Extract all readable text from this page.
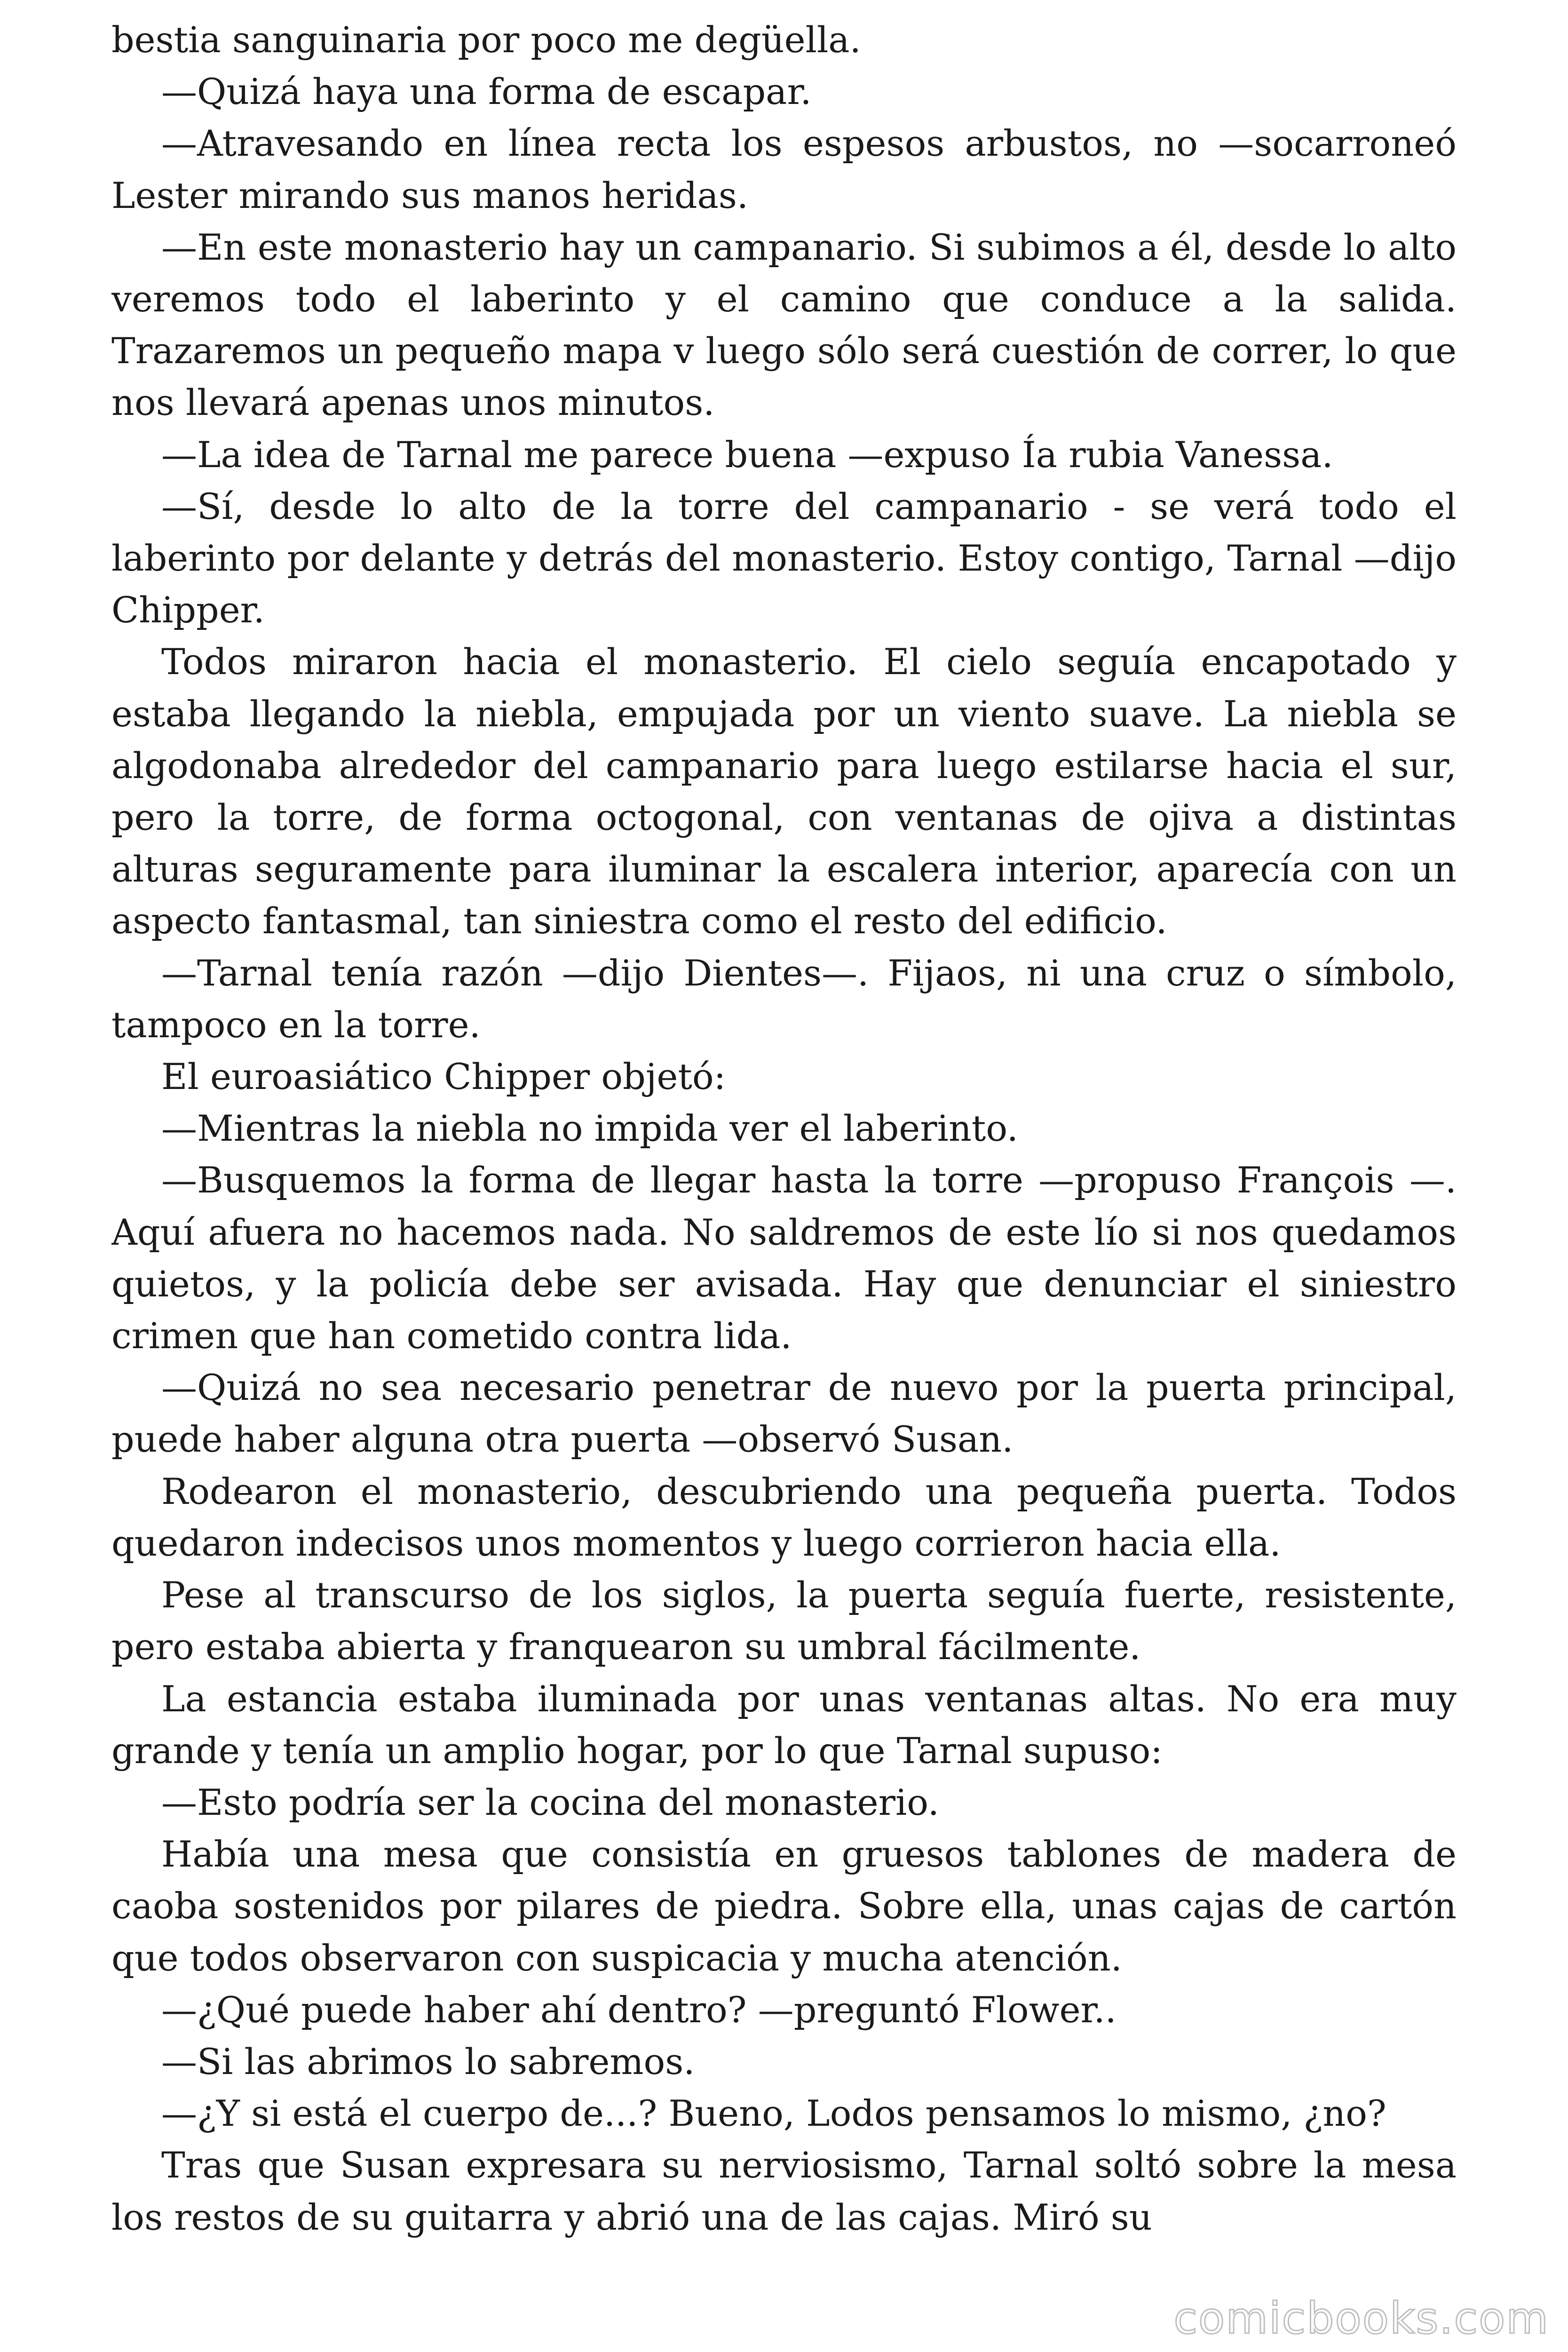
bestia sanguinaria por poco me degüella.

—Quizá haya una forma de escapar.

—Atravesando en línea recta los espesos arbustos, no —socarroneó Lester mirando sus manos heridas.

—En este monasterio hay un campanario. Si subimos a él, desde lo alto veremos todo el laberinto y el camino que conduce a la salida. Trazaremos un pequeño mapa v luego sólo será cuestión de correr, lo que nos llevará apenas unos minutos.

—La idea de Tarnal me parece buena —expuso Ía rubia Vanessa.

—Sí, desde lo alto de la torre del campanario - se verá todo el laberinto por delante y detrás del monasterio. Estoy contigo, Tarnal —dijo Chipper.

Todos miraron hacia el monasterio. El cielo seguía encapotado y estaba llegando la niebla, empujada por un viento suave. La niebla se algodonaba alrededor del campanario para luego estilarse hacia el sur, pero la torre, de forma octogonal, con ventanas de ojiva a distintas alturas seguramente para iluminar la escalera interior, aparecía con un aspecto fantasmal, tan siniestra como el resto del edificio.

—Tarnal tenía razón —dijo Dientes—. Fijaos, ni una cruz o símbolo, tampoco en la torre.

El euroasiático Chipper objetó:

—Mientras la niebla no impida ver el laberinto.

—Busquemos la forma de llegar hasta la torre —propuso François —. Aquí afuera no hacemos nada. No saldremos de este lío si nos quedamos quietos, y la policía debe ser avisada. Hay que denunciar el siniestro crimen que han cometido contra lida.

—Quizá no sea necesario penetrar de nuevo por la puerta principal, puede haber alguna otra puerta —observó Susan.

Rodearon el monasterio, descubriendo una pequeña puerta. Todos quedaron indecisos unos momentos y luego corrieron hacia ella.

Pese al transcurso de los siglos, la puerta seguía fuerte, resistente, pero estaba abierta y franquearon su umbral fácilmente.

La estancia estaba iluminada por unas ventanas altas. No era muy grande y tenía un amplio hogar, por lo que Tarnal supuso:

—Esto podría ser la cocina del monasterio.

Había una mesa que consistía en gruesos tablones de madera de caoba sostenidos por pilares de piedra. Sobre ella, unas cajas de cartón que todos observaron con suspicacia y mucha atención.

—¿Qué puede haber ahí dentro? —preguntó Flower..

—Si las abrimos lo sabremos.

—¿Y si está el cuerpo de...? Bueno, Lodos pensamos lo mismo, ¿no?

Tras que Susan expresara su nerviosismo, Tarnal soltó sobre la mesa los restos de su guitarra y abrió una de las cajas. Miró su

comicbooks.com
